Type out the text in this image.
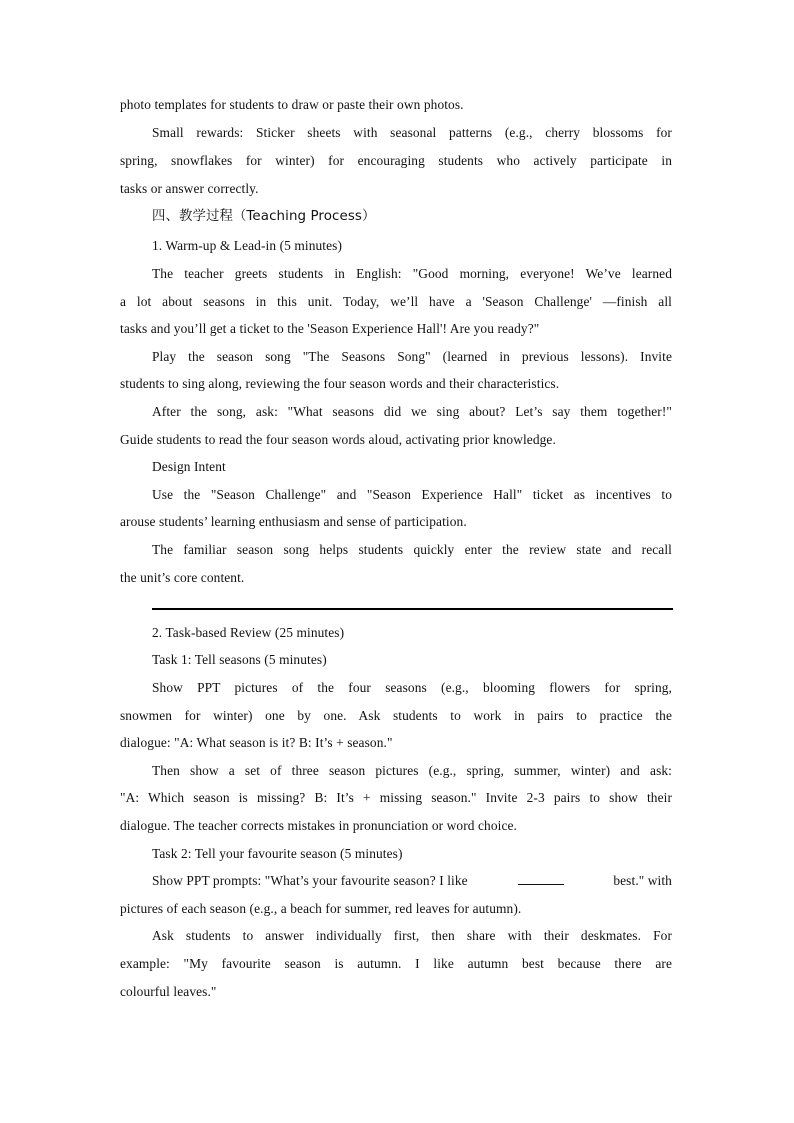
photo templates for students to draw or paste their own photos.
Small rewards: Sticker sheets with seasonal patterns (e.g., cherry blossoms for
spring, snowflakes for winter) for encouraging students who actively participate in
tasks or answer correctly.
四、教学过程（Teaching Process）
1. Warm-up & Lead-in (5 minutes)
The teacher greets students in English: "Good morning, everyone! We’ve learned
a lot about seasons in this unit. Today, we’ll have a 'Season Challenge' —finish all
tasks and you’ll get a ticket to the 'Season Experience Hall'! Are you ready?"
Play the season song "The Seasons Song" (learned in previous lessons). Invite
students to sing along, reviewing the four season words and their characteristics.
After the song, ask: "What seasons did we sing about? Let’s say them together!"
Guide students to read the four season words aloud, activating prior knowledge.
Design Intent
Use the "Season Challenge" and "Season Experience Hall" ticket as incentives to
arouse students’ learning enthusiasm and sense of participation.
The familiar season song helps students quickly enter the review state and recall
the unit’s core content.
2. Task-based Review (25 minutes)
Task 1: Tell seasons (5 minutes)
Show PPT pictures of the four seasons (e.g., blooming flowers for spring,
snowmen for winter) one by one. Ask students to work in pairs to practice the
dialogue: "A: What season is it? B: It’s + season."
Then show a set of three season pictures (e.g., spring, summer, winter) and ask:
"A: Which season is missing? B: It’s + missing season." Invite 2-3 pairs to show their
dialogue. The teacher corrects mistakes in pronunciation or word choice.
Task 2: Tell your favourite season (5 minutes)
Show PPT prompts: "What’s your favourite season? I like	best." with
pictures of each season (e.g., a beach for summer, red leaves for autumn).
Ask students to answer individually first, then share with their deskmates. For
example: "My favourite season is autumn. I like autumn best because there are
colourful leaves."
